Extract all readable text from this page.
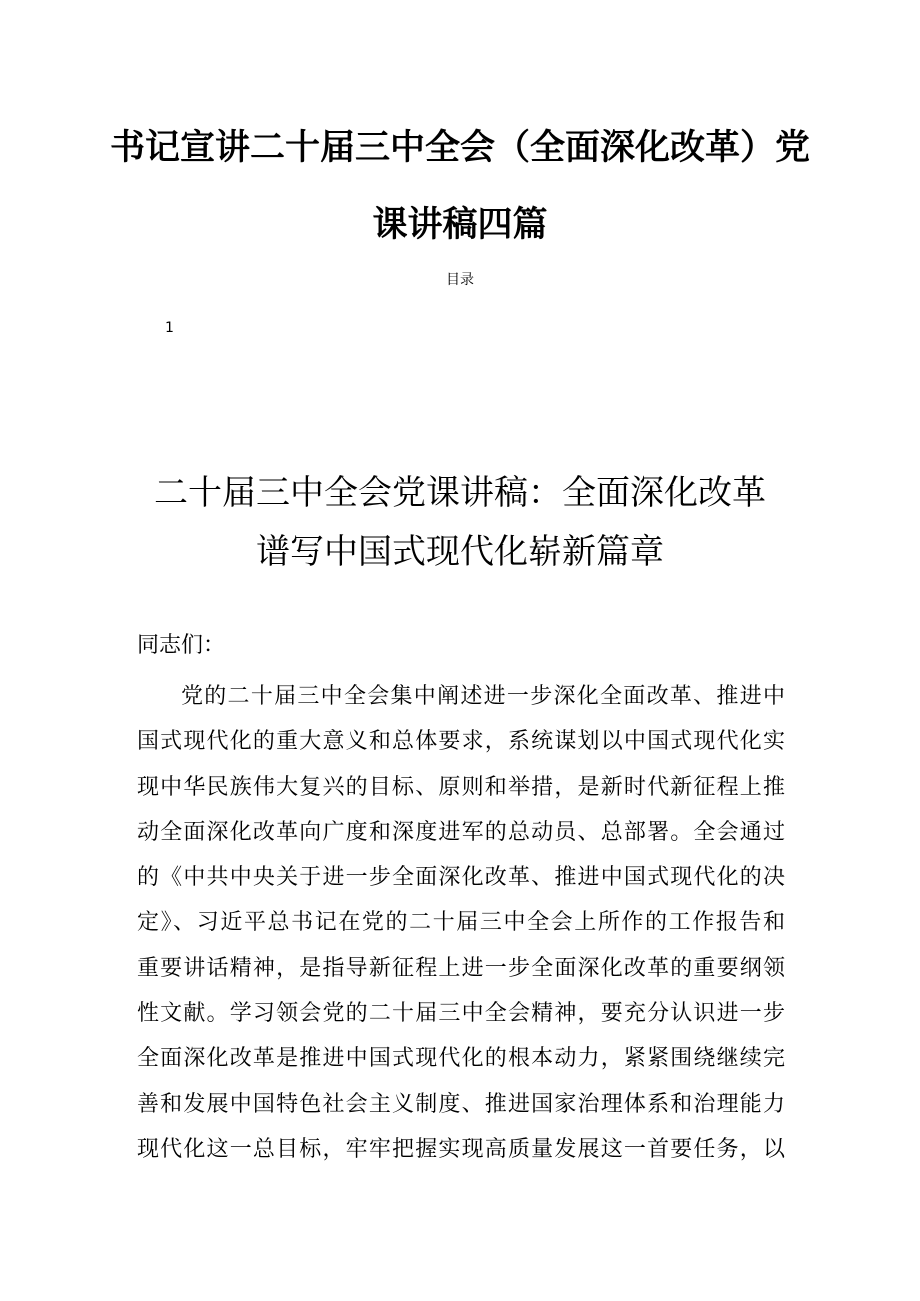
书记宣讲二十届三中全会（全面深化改革）党
课讲稿四篇
目录
1
二十届三中全会党课讲稿：全面深化改革
谱写中国式现代化崭新篇章
同志们：
党的二十届三中全会集中阐述进一步深化全面改革、推进中
国式现代化的重大意义和总体要求，系统谋划以中国式现代化实
现中华民族伟大复兴的目标、原则和举措，是新时代新征程上推
动全面深化改革向广度和深度进军的总动员、总部署。全会通过
的《中共中央关于进一步全面深化改革、推进中国式现代化的决
定》、习近平总书记在党的二十届三中全会上所作的工作报告和
重要讲话精神，是指导新征程上进一步全面深化改革的重要纲领
性文献。学习领会党的二十届三中全会精神，要充分认识进一步
全面深化改革是推进中国式现代化的根本动力，紧紧围绕继续完
善和发展中国特色社会主义制度、推进国家治理体系和治理能力
现代化这一总目标，牢牢把握实现高质量发展这一首要任务，以
